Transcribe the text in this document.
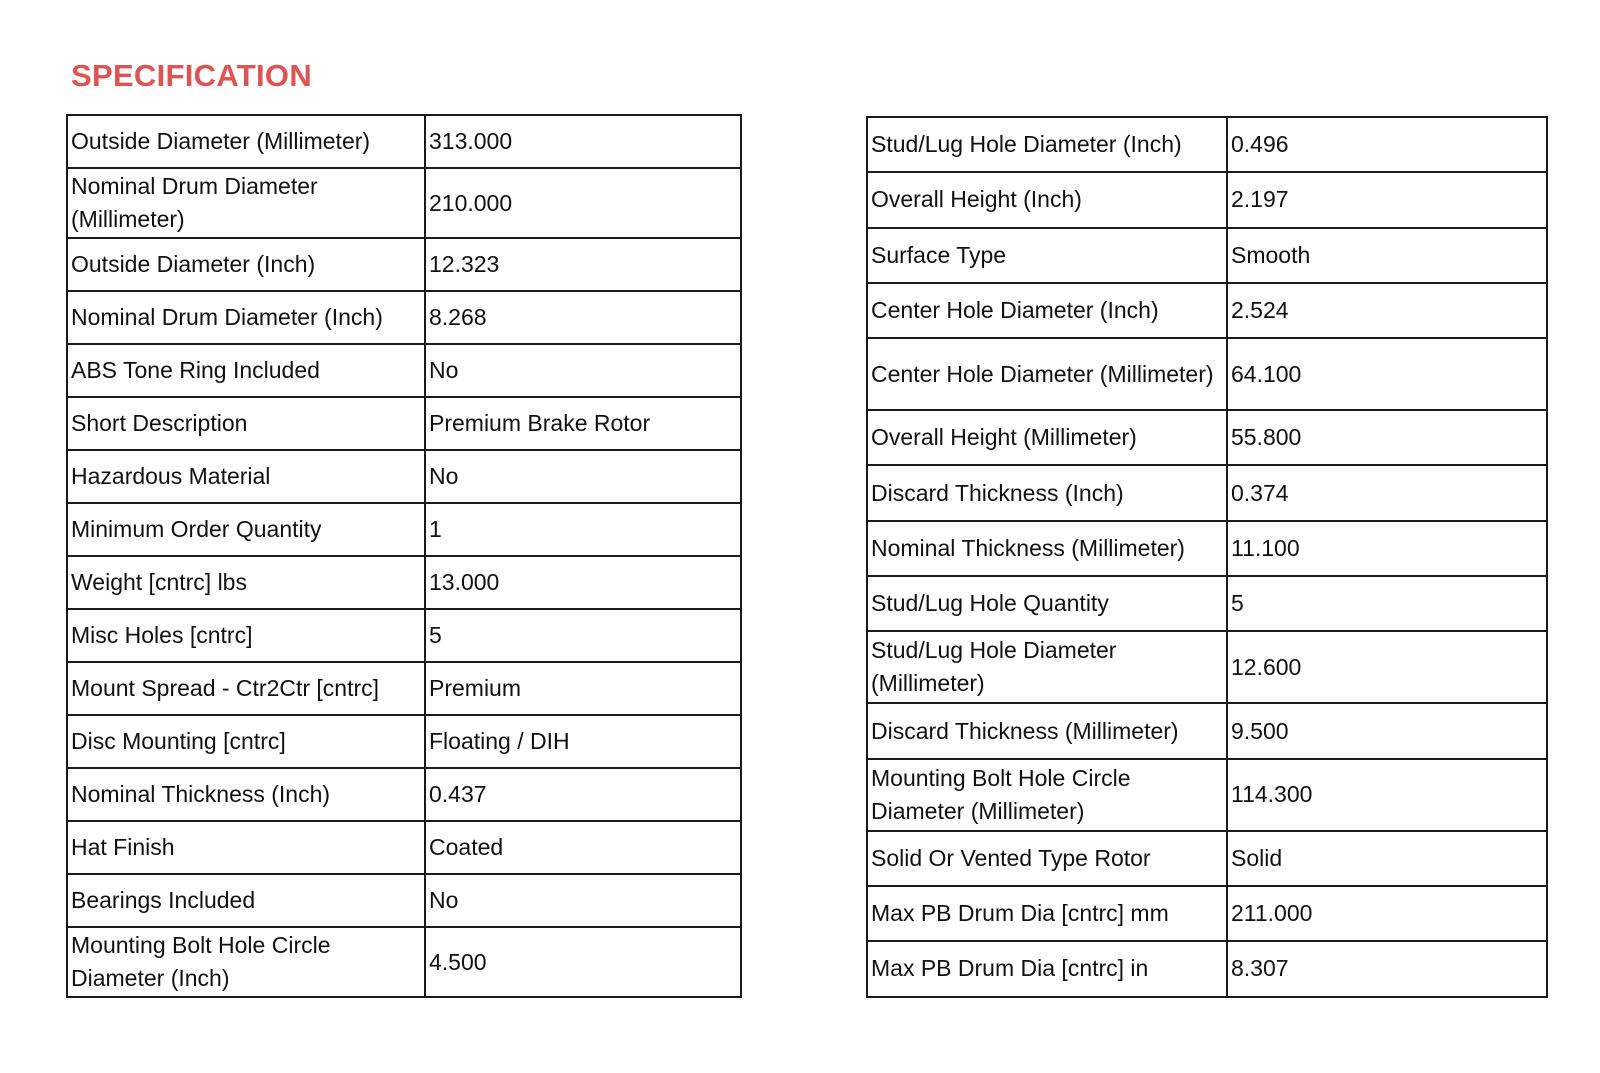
SPECIFICATION
Outside Diameter (Millimeter)	313.000
Nominal Drum Diameter (Millimeter)	210.000
Outside Diameter (Inch)	12.323
Nominal Drum Diameter (Inch)	8.268
ABS Tone Ring Included	No
Short Description	Premium Brake Rotor
Hazardous Material	No
Minimum Order Quantity	1
Weight [cntrc] lbs	13.000
Misc Holes [cntrc]	5
Mount Spread - Ctr2Ctr [cntrc]	Premium
Disc Mounting [cntrc]	Floating / DIH
Nominal Thickness (Inch)	0.437
Hat Finish	Coated
Bearings Included	No
Mounting Bolt Hole Circle Diameter (Inch)	4.500
Stud/Lug Hole Diameter (Inch)	0.496
Overall Height (Inch)	2.197
Surface Type	Smooth
Center Hole Diameter (Inch)	2.524
Center Hole Diameter (Millimeter)	64.100
Overall Height (Millimeter)	55.800
Discard Thickness (Inch)	0.374
Nominal Thickness (Millimeter)	11.100
Stud/Lug Hole Quantity	5
Stud/Lug Hole Diameter (Millimeter)	12.600
Discard Thickness (Millimeter)	9.500
Mounting Bolt Hole Circle Diameter (Millimeter)	114.300
Solid Or Vented Type Rotor	Solid
Max PB Drum Dia [cntrc] mm	211.000
Max PB Drum Dia [cntrc] in	8.307
